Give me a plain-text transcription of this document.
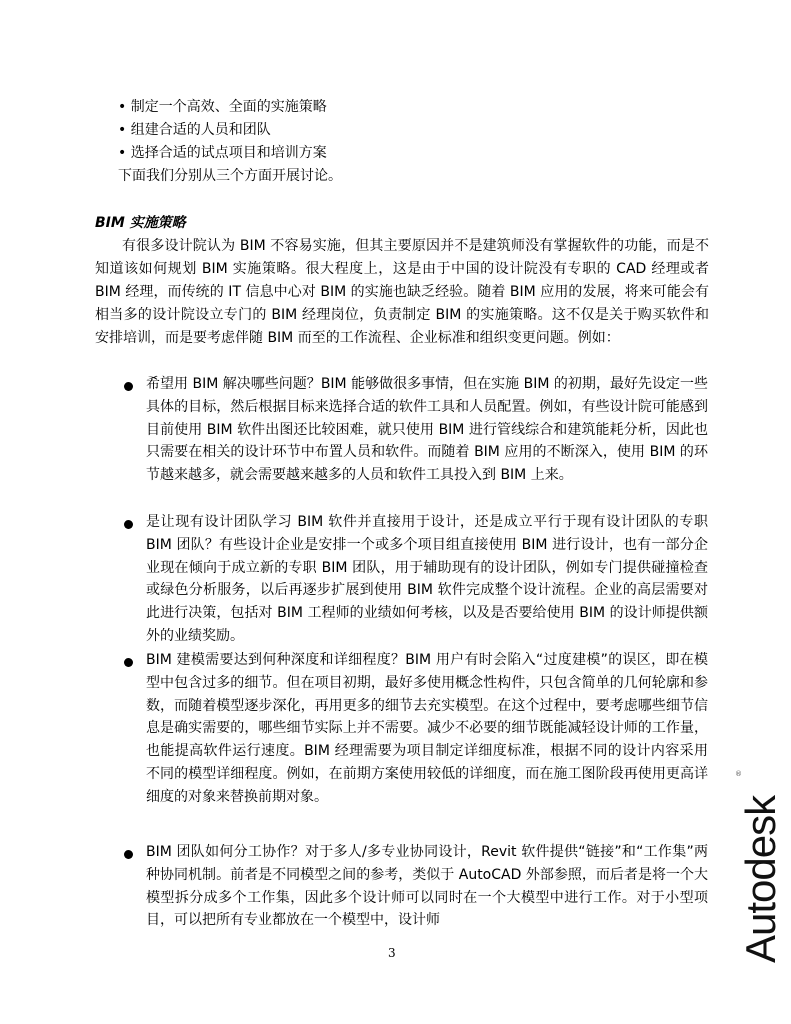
• 制定一个高效、全面的实施策略
• 组建合适的人员和团队
• 选择合适的试点项目和培训方案
下面我们分别从三个方面开展讨论。
BIM 实施策略
有很多设计院认为 BIM 不容易实施，但其主要原因并不是建筑师没有掌握软件的功能，而是不知道该如何规划 BIM 实施策略。很大程度上，这是由于中国的设计院没有专职的 CAD 经理或者 BIM 经理，而传统的 IT 信息中心对 BIM 的实施也缺乏经验。随着 BIM 应用的发展，将来可能会有相当多的设计院设立专门的 BIM 经理岗位，负责制定 BIM 的实施策略。这不仅是关于购买软件和安排培训，而是要考虑伴随 BIM 而至的工作流程、企业标准和组织变更问题。例如：
希望用 BIM 解决哪些问题？BIM 能够做很多事情，但在实施 BIM 的初期，最好先设定一些具体的目标，然后根据目标来选择合适的软件工具和人员配置。例如，有些设计院可能感到目前使用 BIM 软件出图还比较困难，就只使用 BIM 进行管线综合和建筑能耗分析，因此也只需要在相关的设计环节中布置人员和软件。而随着 BIM 应用的不断深入，使用 BIM 的环节越来越多，就会需要越来越多的人员和软件工具投入到 BIM 上来。
是让现有设计团队学习 BIM 软件并直接用于设计，还是成立平行于现有设计团队的专职 BIM 团队？有些设计企业是安排一个或多个项目组直接使用 BIM 进行设计，也有一部分企业现在倾向于成立新的专职 BIM 团队，用于辅助现有的设计团队，例如专门提供碰撞检查或绿色分析服务，以后再逐步扩展到使用 BIM 软件完成整个设计流程。企业的高层需要对此进行决策，包括对 BIM 工程师的业绩如何考核，以及是否要给使用 BIM 的设计师提供额外的业绩奖励。
BIM 建模需要达到何种深度和详细程度？BIM 用户有时会陷入“过度建模”的误区，即在模型中包含过多的细节。但在项目初期，最好多使用概念性构件，只包含简单的几何轮廓和参数，而随着模型逐步深化，再用更多的细节去充实模型。在这个过程中，要考虑哪些细节信息是确实需要的，哪些细节实际上并不需要。减少不必要的细节既能减轻设计师的工作量，也能提高软件运行速度。BIM 经理需要为项目制定详细度标准，根据不同的设计内容采用不同的模型详细程度。例如，在前期方案使用较低的详细度，而在施工图阶段再使用更高详细度的对象来替换前期对象。
BIM 团队如何分工协作？对于多人/多专业协同设计，Revit 软件提供“链接”和“工作集”两种协同机制。前者是不同模型之间的参考，类似于 AutoCAD 外部参照，而后者是将一个大模型拆分成多个工作集，因此多个设计师可以同时在一个大模型中进行工作。对于小型项目，可以把所有专业都放在一个模型中，设计师
3
®
Autodesk
